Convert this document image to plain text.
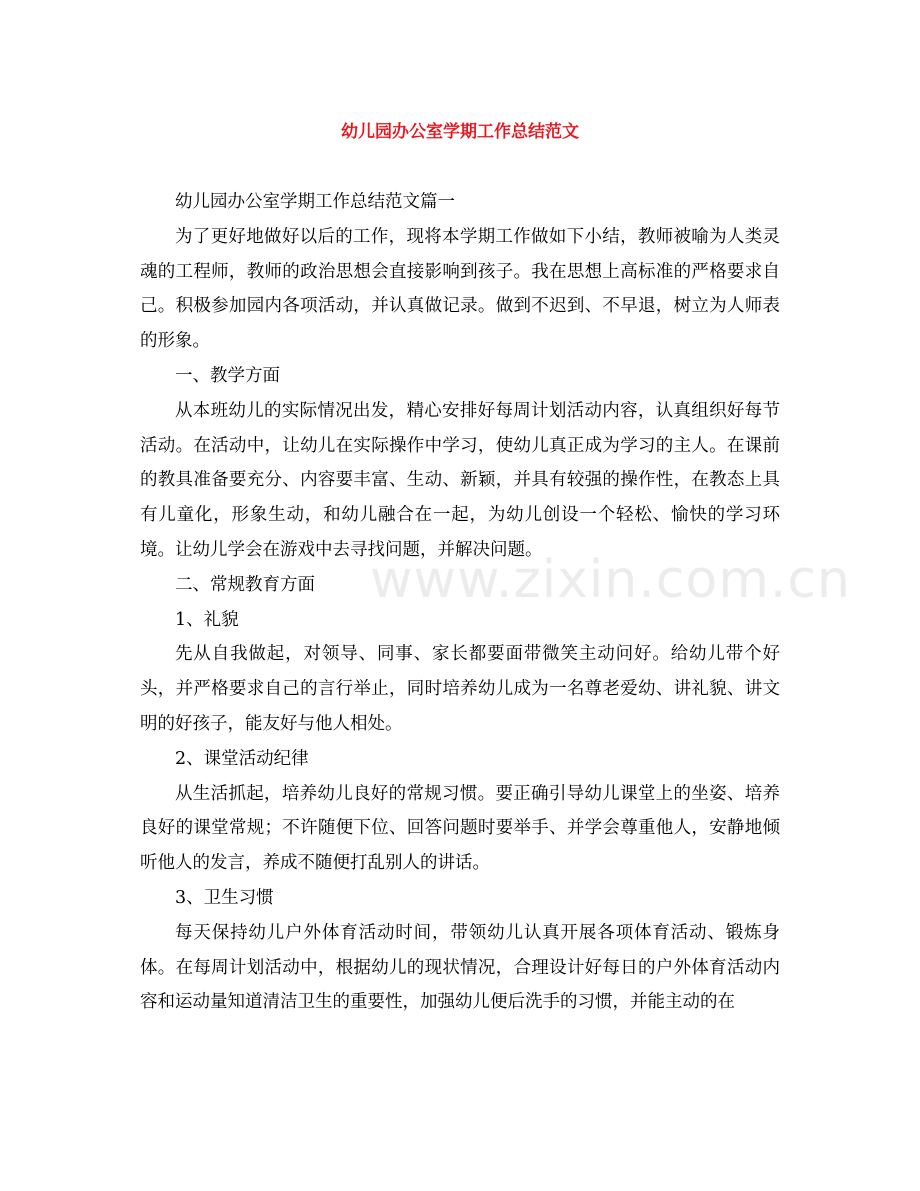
幼儿园办公室学期工作总结范文

幼儿园办公室学期工作总结范文篇一

为了更好地做好以后的工作，现将本学期工作做如下小结，教师被喻为人类灵魂的工程师，教师的政治思想会直接影响到孩子。我在思想上高标准的严格要求自己。积极参加园内各项活动，并认真做记录。做到不迟到、不早退，树立为人师表的形象。

一、教学方面

从本班幼儿的实际情况出发，精心安排好每周计划活动内容，认真组织好每节活动。在活动中，让幼儿在实际操作中学习，使幼儿真正成为学习的主人。在课前的教具准备要充分、内容要丰富、生动、新颖，并具有较强的操作性，在教态上具有儿童化，形象生动，和幼儿融合在一起，为幼儿创设一个轻松、愉快的学习环境。让幼儿学会在游戏中去寻找问题，并解决问题。

二、常规教育方面

1、礼貌

先从自我做起，对领导、同事、家长都要面带微笑主动问好。给幼儿带个好头，并严格要求自己的言行举止，同时培养幼儿成为一名尊老爱幼、讲礼貌、讲文明的好孩子，能友好与他人相处。

2、课堂活动纪律

从生活抓起，培养幼儿良好的常规习惯。要正确引导幼儿课堂上的坐姿、培养良好的课堂常规；不许随便下位、回答问题时要举手、并学会尊重他人，安静地倾听他人的发言，养成不随便打乱别人的讲话。

3、卫生习惯

每天保持幼儿户外体育活动时间，带领幼儿认真开展各项体育活动、锻炼身体。在每周计划活动中，根据幼儿的现状情况，合理设计好每日的户外体育活动内容和运动量知道清洁卫生的重要性，加强幼儿便后洗手的习惯，并能主动的在

www.zixin.com.cn
